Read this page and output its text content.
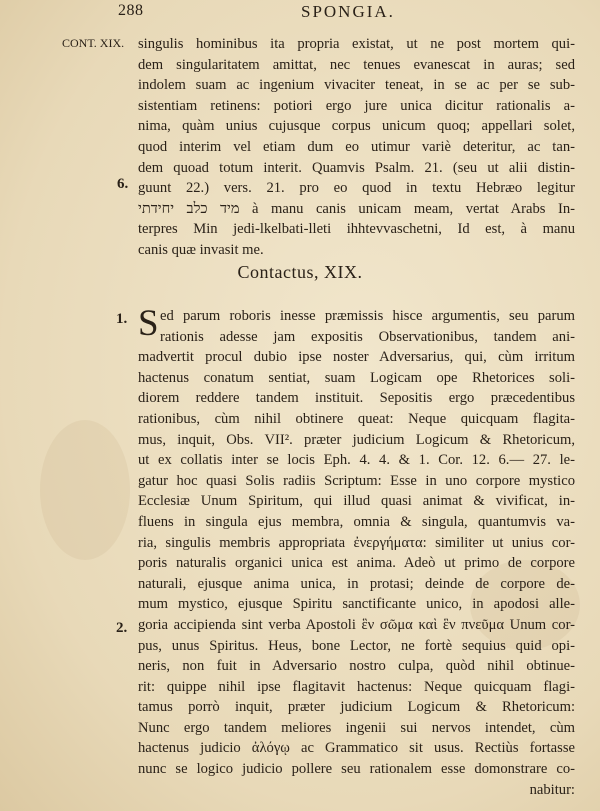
288	SPONGIA.
CONT. XIX.
6.
1.
2.
singulis hominibus ita propria existat, ut ne post mortem qui-
dem singularitatem amittat, nec tenues evanescat in auras; sed
indolem suam ac ingenium vivaciter teneat, in se ac per se sub-
sistentiam retinens: potiori ergo jure unica dicitur rationalis a-
nima, quàm unius cujusque corpus unicum quoq; appellari solet,
quod interim vel etiam dum eo utimur variè deteritur, ac tan-
dem quoad totum interit. Quamvis Psalm. 21. (seu ut alii distin-
guunt 22.) vers. 21. pro eo quod in textu Hebræo legitur
מיד כלב יחידתי à manu canis unicam meam, vertat Arabs In-
terpres Min jedi-lkelbati-lleti ihhtevvaschetni, Id est, à manu
canis quæ invasit me.
Contactus, XIX.
S ed parum roboris inesse præmissis hisce argumentis, seu parum
rationis adesse jam expositis Observationibus, tandem ani-
madvertit procul dubio ipse noster Adversarius, qui, cùm irritum
hactenus conatum sentiat, suam Logicam ope Rhetorices soli-
diorem reddere tandem instituit. Sepositis ergo præcedentibus
rationibus, cùm nihil obtinere queat: Neque quicquam flagita-
mus, inquit, Obs. VII². præter judicium Logicum & Rhetoricum,
ut ex collatis inter se locis Eph. 4. 4. & 1. Cor. 12. 6.— 27. le-
gatur hoc quasi Solis radiis Scriptum: Esse in uno corpore mystico
Ecclesiæ Unum Spiritum, qui illud quasi animat & vivificat, in-
fluens in singula ejus membra, omnia & singula, quantumvis va-
ria, singulis membris appropriata ἐνεργήματα: similiter ut unius cor-
poris naturalis organici unica est anima. Adeò ut primo de corpore
naturali, ejusque anima unica, in protasi; deinde de corpore de-
mum mystico, ejusque Spiritu sanctificante unico, in apodosi alle-
goria accipienda sint verba Apostoli ἓν σῶμα καὶ ἓν πνεῦμα Unum cor-
pus, unus Spiritus. Heus, bone Lector, ne fortè sequius quid opi-
neris, non fuit in Adversario nostro culpa, quòd nihil obtinue-
rit: quippe nihil ipse flagitavit hactenus: Neque quicquam flagi-
tamus porrò inquit, præter judicium Logicum & Rhetoricum:
Nunc ergo tandem meliores ingenii sui nervos intendet, cùm
hactenus judicio ἀλόγῳ ac Grammatico sit usus. Rectiùs fortasse
nunc se logico judicio pollere seu rationalem esse domonstrare co-
nabitur:
